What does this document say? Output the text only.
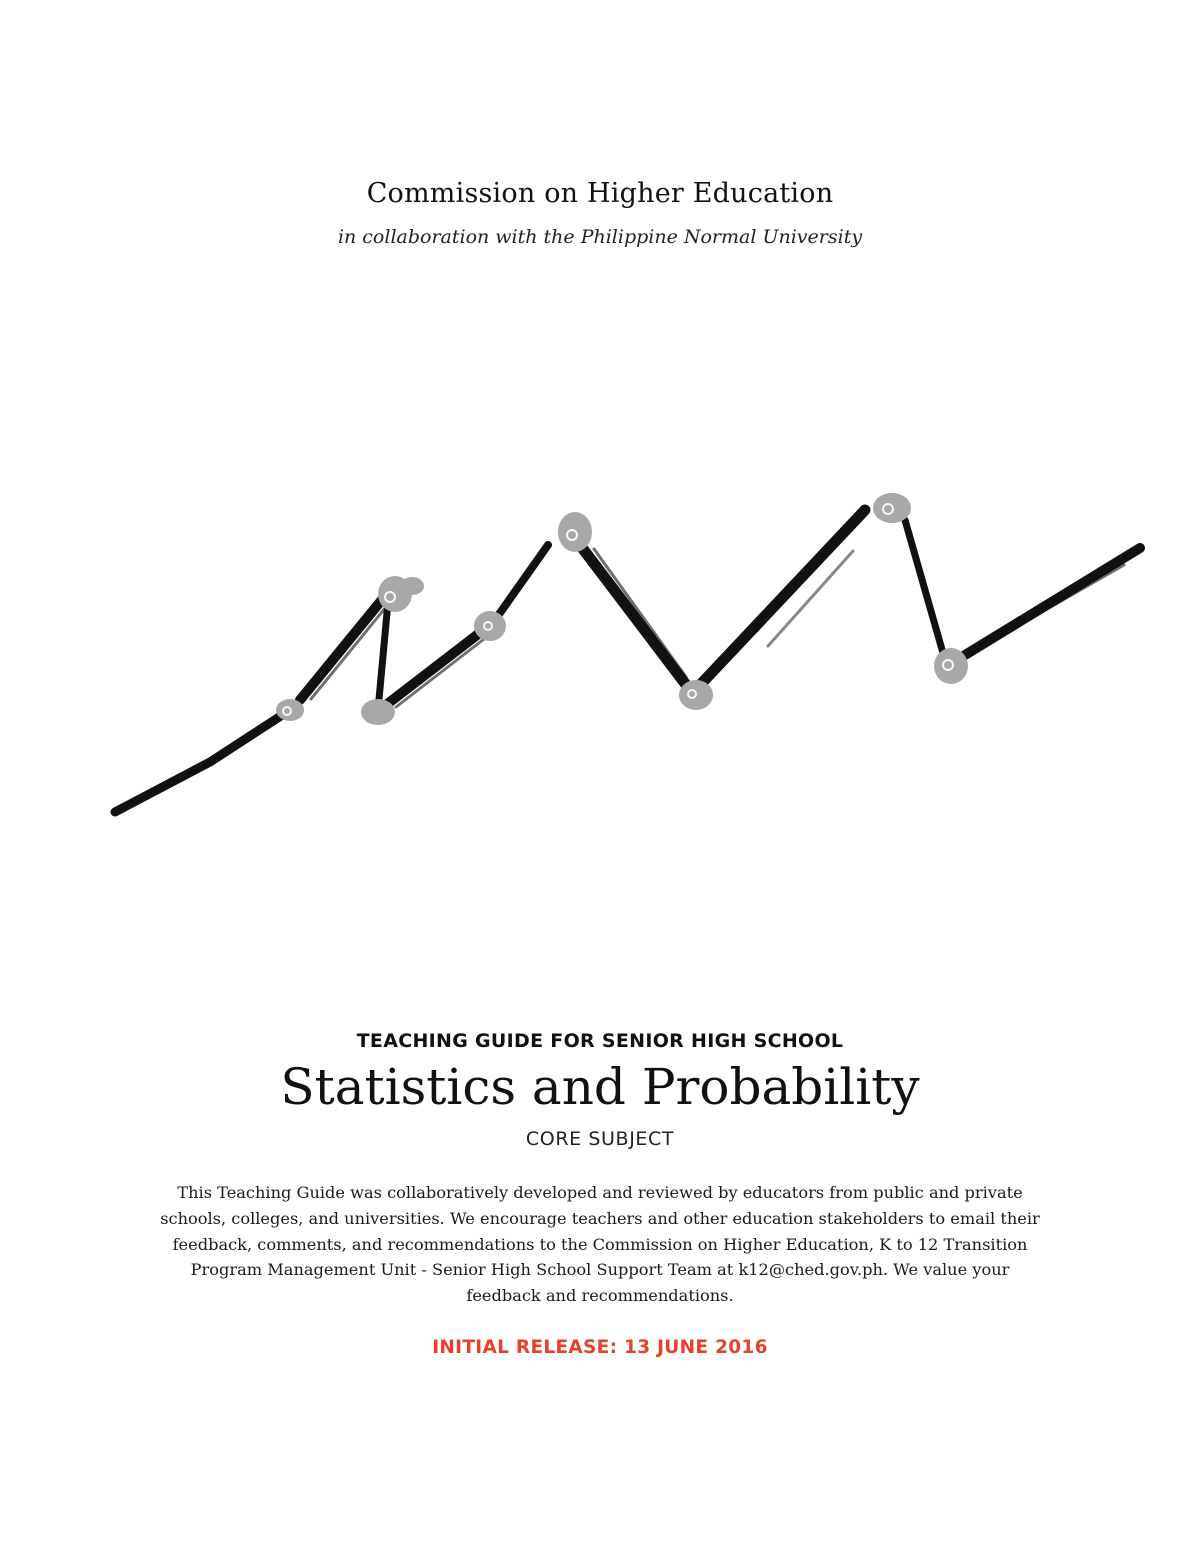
Commission on Higher Education
in collaboration with the Philippine Normal University
TEACHING GUIDE FOR SENIOR HIGH SCHOOL
Statistics and Probability
CORE SUBJECT
This Teaching Guide was collaboratively developed and reviewed by educators from public and private schools, colleges, and universities. We encourage teachers and other education stakeholders to email their feedback, comments, and recommendations to the Commission on Higher Education, K to 12 Transition Program Management Unit - Senior High School Support Team at k12@ched.gov.ph. We value your feedback and recommendations.
INITIAL RELEASE: 13 JUNE 2016
